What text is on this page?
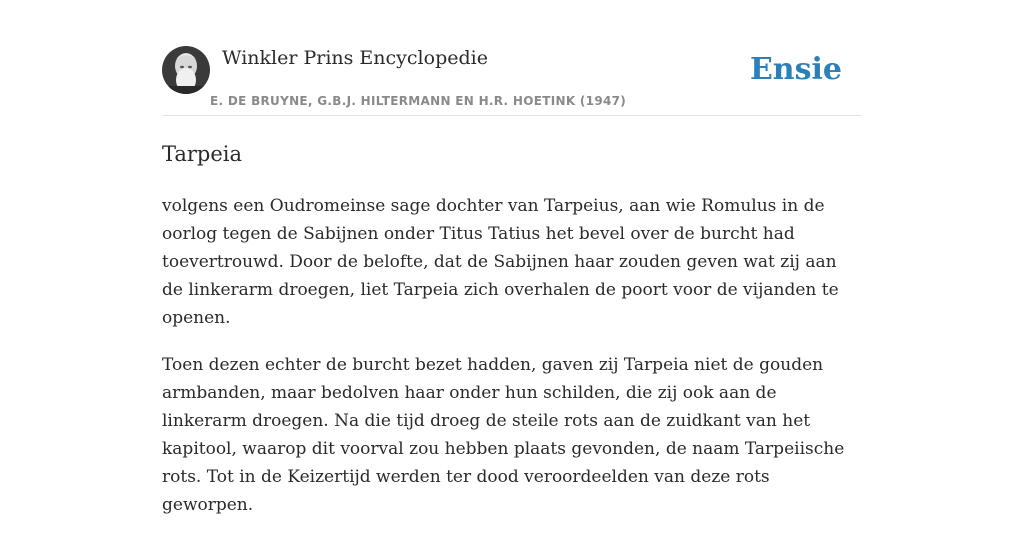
Winkler Prins Encyclopedie
E. DE BRUYNE, G.B.J. HILTERMANN EN H.R. HOETINK (1947)
Ensie
Tarpeia

volgens een Oudromeinse sage dochter van Tarpeius, aan wie Romulus in de oorlog tegen de Sabijnen onder Titus Tatius het bevel over de burcht had toevertrouwd. Door de belofte, dat de Sabijnen haar zouden geven wat zij aan de linkerarm droegen, liet Tarpeia zich overhalen de poort voor de vijanden te openen.

Toen dezen echter de burcht bezet hadden, gaven zij Tarpeia niet de gouden armbanden, maar bedolven haar onder hun schilden, die zij ook aan de linkerarm droegen. Na die tijd droeg de steile rots aan de zuidkant van het kapitool, waarop dit voorval zou hebben plaats gevonden, de naam Tarpeiische rots. Tot in de Keizertijd werden ter dood veroordeelden van deze rots geworpen.
